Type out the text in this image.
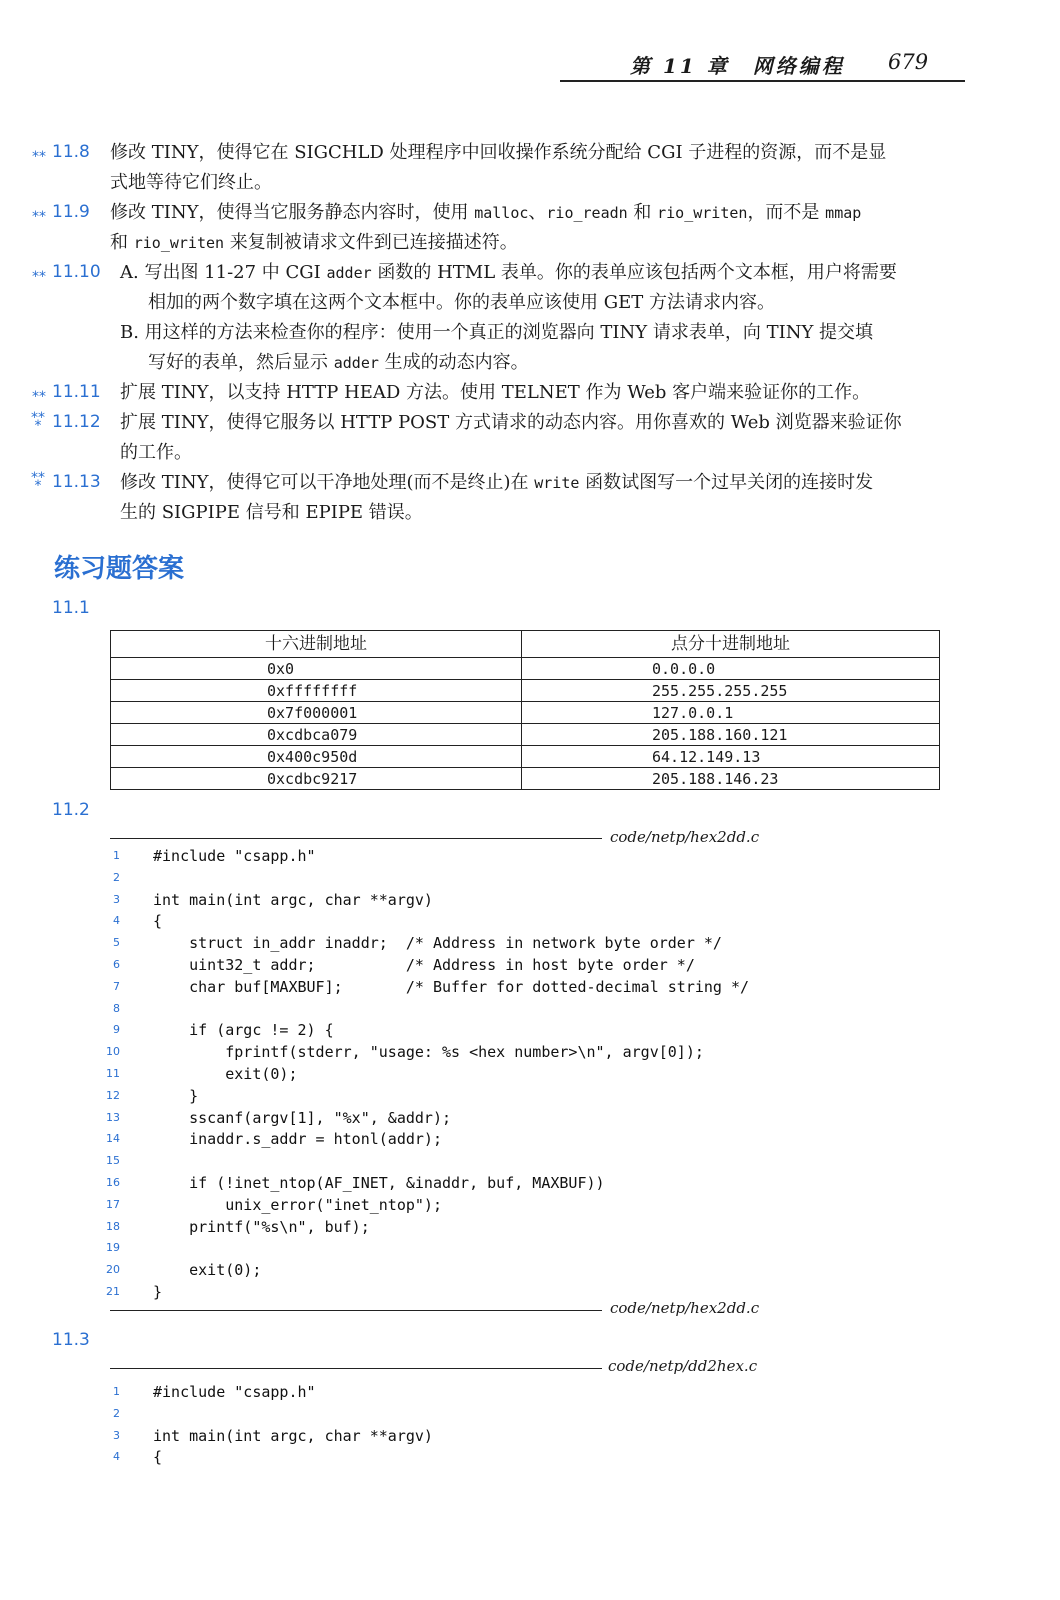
第 11 章　网络编程 679
** 11.8 修改 TINY，使得它在 SIGCHLD 处理程序中回收操作系统分配给 CGI 子进程的资源，而不是显
式地等待它们终止。
** 11.9 修改 TINY，使得当它服务静态内容时，使用 malloc、rio_readn 和 rio_writen，而不是 mmap
和 rio_writen 来复制被请求文件到已连接描述符。
** 11.10 A. 写出图 11-27 中 CGI adder 函数的 HTML 表单。你的表单应该包括两个文本框，用户将需要
相加的两个数字填在这两个文本框中。你的表单应该使用 GET 方法请求内容。
B. 用这样的方法来检查你的程序：使用一个真正的浏览器向 TINY 请求表单，向 TINY 提交填
写好的表单，然后显示 adder 生成的动态内容。
** 11.11 扩展 TINY，以支持 HTTP HEAD 方法。使用 TELNET 作为 Web 客户端来验证你的工作。
*** 11.12 扩展 TINY，使得它服务以 HTTP POST 方式请求的动态内容。用你喜欢的 Web 浏览器来验证你
的工作。
*** 11.13 修改 TINY，使得它可以干净地处理(而不是终止)在 write 函数试图写一个过早关闭的连接时发
生的 SIGPIPE 信号和 EPIPE 错误。
练习题答案
11.1
十六进制地址	点分十进制地址
0x0	0.0.0.0
0xffffffff	255.255.255.255
0x7f000001	127.0.0.1
0xcdbca079	205.188.160.121
0x400c950d	64.12.149.13
0xcdbc9217	205.188.146.23
11.2
code/netp/hex2dd.c
1 #include "csapp.h"
2
3 int main(int argc, char **argv)
4 {
5 struct in_addr inaddr;  /* Address in network byte order */
6 uint32_t addr;          /* Address in host byte order */
7 char buf[MAXBUF];       /* Buffer for dotted-decimal string */
8
9 if (argc != 2) {
10 fprintf(stderr, "usage: %s <hex number>\n", argv[0]);
11 exit(0);
12 }
13 sscanf(argv[1], "%x", &addr);
14 inaddr.s_addr = htonl(addr);
15
16 if (!inet_ntop(AF_INET, &inaddr, buf, MAXBUF))
17 unix_error("inet_ntop");
18 printf("%s\n", buf);
19
20 exit(0);
21 }
code/netp/hex2dd.c
11.3
code/netp/dd2hex.c
1 #include "csapp.h"
2
3 int main(int argc, char **argv)
4 {
